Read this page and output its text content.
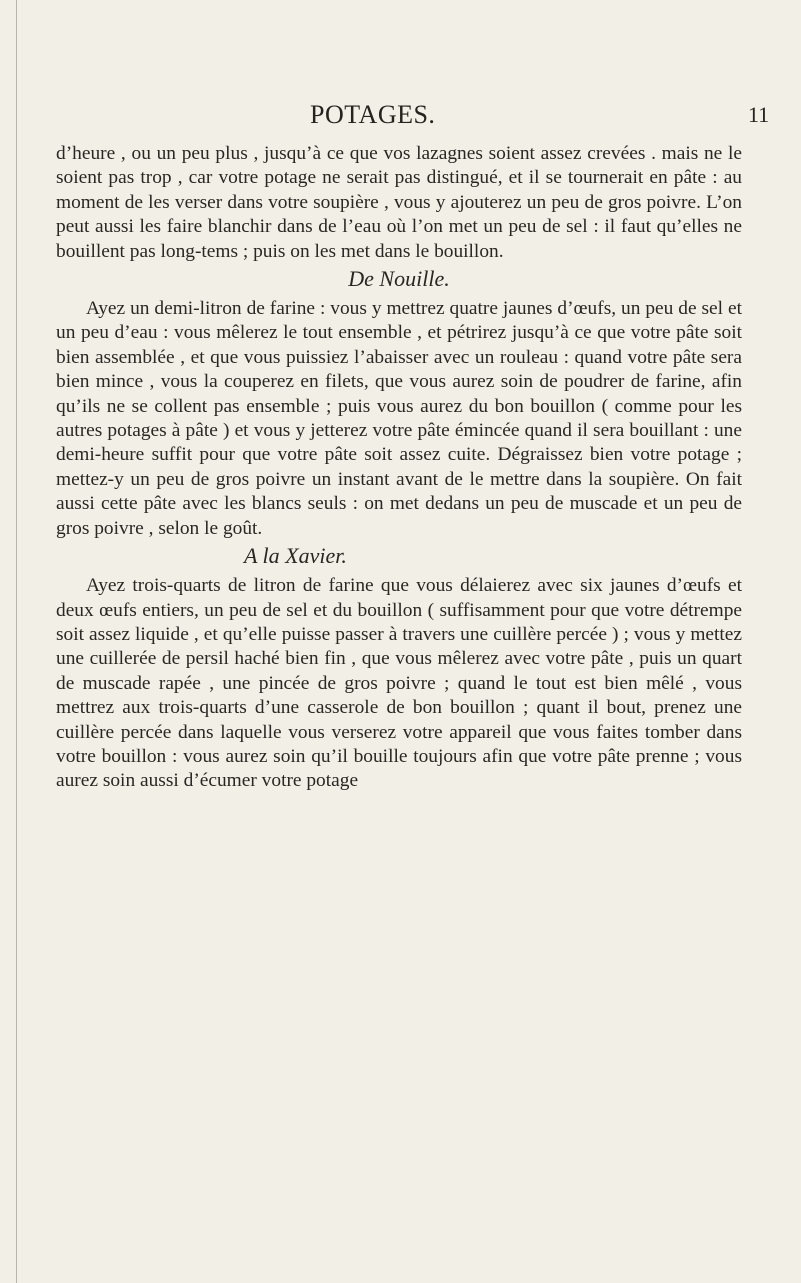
POTAGES.	11

d’heure , ou un peu plus , jusqu’à ce que vos lazagnes soient assez crevées . mais ne le soient pas trop , car votre potage ne serait pas distingué, et il se tournerait en pâte : au moment de les verser dans votre soupière , vous y ajouterez un peu de gros poivre. L’on peut aussi les faire blanchir dans de l’eau où l’on met un peu de sel : il faut qu’elles ne bouillent pas long-tems ; puis on les met dans le bouillon.

De Nouille.

Ayez un demi-litron de farine : vous y mettrez quatre jaunes d’œufs, un peu de sel et un peu d’eau : vous mêlerez le tout ensemble , et pétrirez jusqu’à ce que votre pâte soit bien assemblée , et que vous puissiez l’abaisser avec un rouleau : quand votre pâte sera bien mince , vous la couperez en filets, que vous aurez soin de poudrer de farine, afin qu’ils ne se collent pas ensemble ; puis vous aurez du bon bouillon ( comme pour les autres potages à pâte ) et vous y jetterez votre pâte émincée quand il sera bouillant : une demi-heure suffit pour que votre pâte soit assez cuite. Dégraissez bien votre potage ; mettez-y un peu de gros poivre un instant avant de le mettre dans la soupière. On fait aussi cette pâte avec les blancs seuls : on met dedans un peu de muscade et un peu de gros poivre , selon le goût.

A la Xavier.

Ayez trois-quarts de litron de farine que vous délaierez avec six jaunes d’œufs et deux œufs entiers, un peu de sel et du bouillon ( suffisamment pour que votre détrempe soit assez liquide , et qu’elle puisse passer à travers une cuillère percée ) ; vous y mettez une cuillerée de persil haché bien fin , que vous mêlerez avec votre pâte , puis un quart de muscade rapée , une pincée de gros poivre ; quand le tout est bien mêlé , vous mettrez aux trois-quarts d’une casserole de bon bouillon ; quant il bout, prenez une cuillère percée dans laquelle vous verserez votre appareil que vous faites tomber dans votre bouillon : vous aurez soin qu’il bouille toujours afin que votre pâte prenne ; vous aurez soin aussi d’écumer votre potage
